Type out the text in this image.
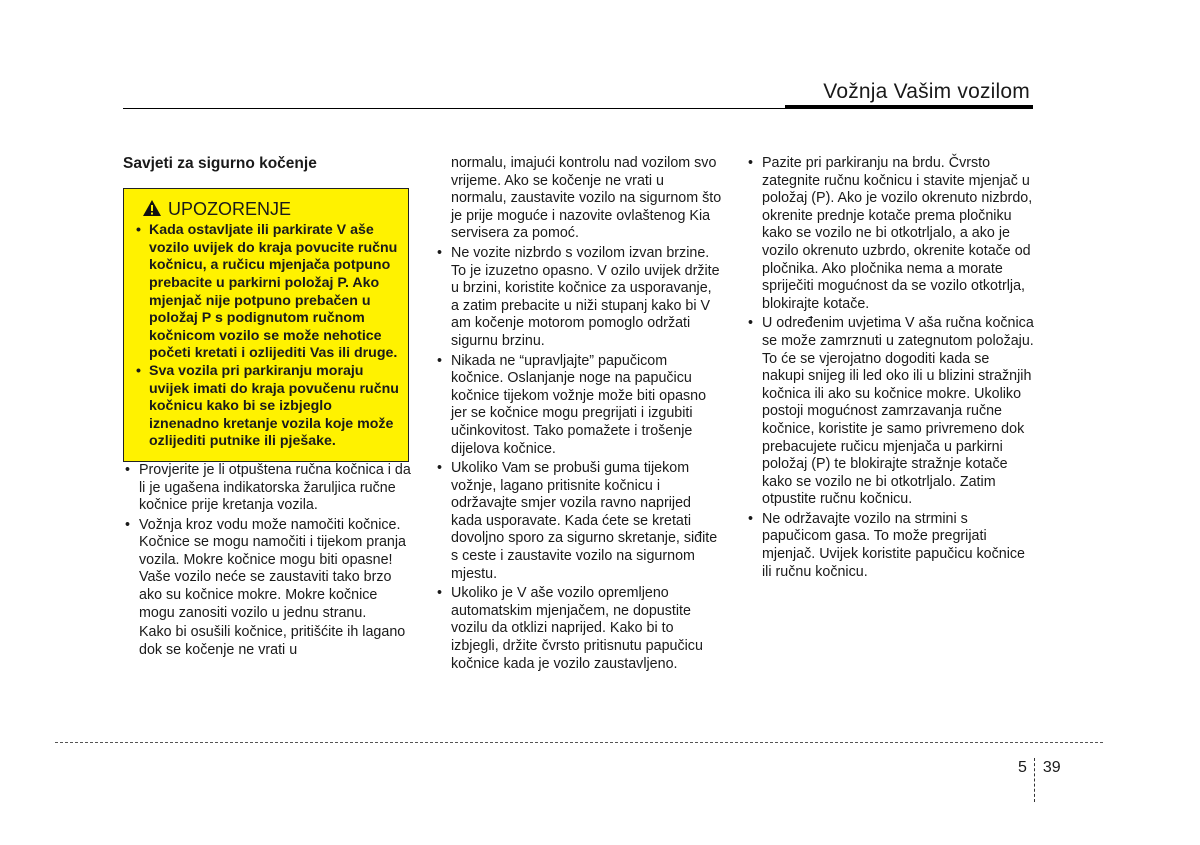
Vožnja Vašim vozilom
Savjeti za sigurno kočenje
UPOZORENJE
• Kada ostavljate ili parkirate V aše vozilo uvijek do kraja povucite ručnu kočnicu, a ručicu mjenjača potpuno prebacite u parkirni položaj P. Ako mjenjač nije potpuno prebačen u položaj P s podignutom ručnom kočnicom vozilo se može nehotice početi kretati i ozlijediti Vas ili druge.
• Sva vozila pri parkiranju moraju uvijek imati do kraja povučenu ručnu kočnicu kako bi se izbjeglo iznenadno kretanje vozila koje može ozlijediti putnike ili pješake.
• Provjerite je li otpuštena ručna kočnica i da li je ugašena indikatorska žaruljica ručne kočnice prije kretanja vozila.
• Vožnja kroz vodu može namočiti kočnice. Kočnice se mogu namočiti i tijekom pranja vozila. Mokre kočnice mogu biti opasne! Vaše vozilo neće se zaustaviti tako brzo ako su kočnice mokre. Mokre kočnice mogu zanositi vozilo u jednu stranu.
Kako bi osušili kočnice, pritišćite ih lagano dok se kočenje ne vrati u
normalu, imajući kontrolu nad vozilom svo vrijeme. Ako se kočenje ne vrati u normalu, zaustavite vozilo na sigurnom što je prije moguće i nazovite ovlaštenog Kia servisera za pomoć.
• Ne vozite nizbrdo s vozilom izvan brzine. To je izuzetno opasno. V ozilo uvijek držite u brzini, koristite kočnice za usporavanje, a zatim prebacite u niži stupanj kako bi V am kočenje motorom pomoglo održati sigurnu brzinu.
• Nikada ne “upravljajte” papučicom kočnice. Oslanjanje noge na papučicu kočnice tijekom vožnje može biti opasno jer se kočnice mogu pregrijati i izgubiti učinkovitost. Tako pomažete i trošenje dijelova kočnice.
• Ukoliko Vam se probuši guma tijekom vožnje, lagano pritisnite kočnicu i održavajte smjer vozila ravno naprijed kada usporavate. Kada ćete se kretati dovoljno sporo za sigurno skretanje, siđite s ceste i zaustavite vozilo na sigurnom mjestu.
• Ukoliko je V aše vozilo opremljeno automatskim mjenjačem, ne dopustite vozilu da otklizi naprijed. Kako bi to izbjegli, držite čvrsto pritisnutu papučicu kočnice kada je vozilo zaustavljeno.
• Pazite pri parkiranju na brdu. Čvrsto zategnite ručnu kočnicu i stavite mjenjač u položaj (P). Ako je vozilo okrenuto nizbrdo, okrenite prednje kotače prema pločniku kako se vozilo ne bi otkotrljalo, a ako je vozilo okrenuto uzbrdo, okrenite kotače od pločnika. Ako pločnika nema a morate spriječiti mogućnost da se vozilo otkotrlja, blokirajte kotače.
• U određenim uvjetima V aša ručna kočnica se može zamrznuti u zategnutom položaju. To će se vjerojatno dogoditi kada se nakupi snijeg ili led oko ili u blizini stražnjih kočnica ili ako su kočnice mokre. Ukoliko postoji mogućnost zamrzavanja ručne kočnice, koristite je samo privremeno dok prebacujete ručicu mjenjača u parkirni položaj (P) te blokirajte stražnje kotače kako se vozilo ne bi otkotrljalo. Zatim otpustite ručnu kočnicu.
• Ne održavajte vozilo na strmini s papučicom gasa. To može pregrijati mjenjač. Uvijek koristite papučicu kočnice ili ručnu kočnicu.
5 39
